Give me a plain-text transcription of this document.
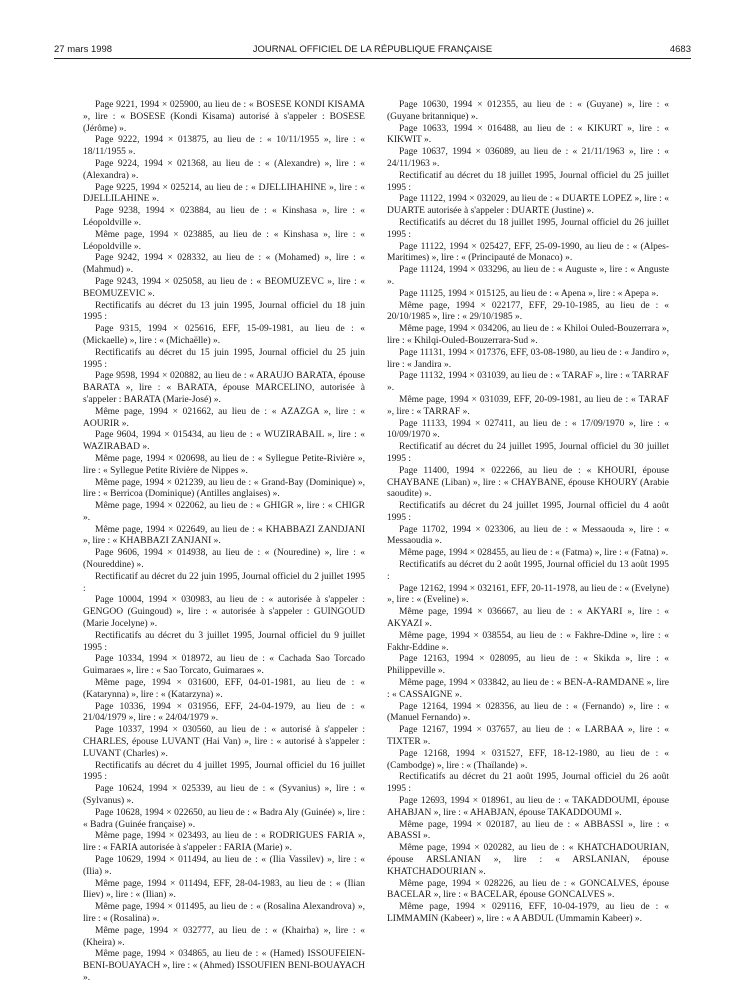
27 mars 1998	JOURNAL OFFICIEL DE LA RÉPUBLIQUE FRANÇAISE	4683

Page 9221, 1994 × 025900, au lieu de : « BOSESE KONDI KISAMA », lire : « BOSESE (Kondi Kisama) autorisé à s'appeler : BOSESE (Jérôme) ».

Page 9222, 1994 × 013875, au lieu de : « 10/11/1955 », lire : « 18/11/1955 ».

Page 9224, 1994 × 021368, au lieu de : « (Alexandre) », lire : « (Alexandra) ».

Page 9225, 1994 × 025214, au lieu de : « DJELLIHAHINE », lire : « DJELLILAHINE ».

Page 9238, 1994 × 023884, au lieu de : « Kinshasa », lire : « Léopoldville ».

Même page, 1994 × 023885, au lieu de : « Kinshasa », lire : « Léopoldville ».

Page 9242, 1994 × 028332, au lieu de : « (Mohamed) », lire : « (Mahmud) ».

Page 9243, 1994 × 025058, au lieu de : « BEOMUZEVC », lire : « BEOMUZEVIC ».

Rectificatifs au décret du 13 juin 1995, Journal officiel du 18 juin 1995 :

Page 9315, 1994 × 025616, EFF, 15-09-1981, au lieu de : « (Mickaelle) », lire : « (Michaëlle) ».

Rectificatifs au décret du 15 juin 1995, Journal officiel du 25 juin 1995 :

Page 9598, 1994 × 020882, au lieu de : « ARAUJO BARATA, épouse BARATA », lire : « BARATA, épouse MARCELINO, autorisée à s'appeler : BARATA (Marie-José) ».

Même page, 1994 × 021662, au lieu de : « AZAZGA », lire : « AOURIR ».

Page 9604, 1994 × 015434, au lieu de : « WUZIRABAIL », lire : « WAZIRABAD ».

Même page, 1994 × 020698, au lieu de : « Syllegue Petite-Rivière », lire : « Syllegue Petite Rivière de Nippes ».

Même page, 1994 × 021239, au lieu de : « Grand-Bay (Dominique) », lire : « Berricoa (Dominique) (Antilles anglaises) ».

Même page, 1994 × 022062, au lieu de : « GHIGR », lire : « CHIGR ».

Même page, 1994 × 022649, au lieu de : « KHABBAZI ZANDJANI », lire : « KHABBAZI ZANJANI ».

Page 9606, 1994 × 014938, au lieu de : « (Nouredine) », lire : « (Noureddine) ».

Rectificatif au décret du 22 juin 1995, Journal officiel du 2 juillet 1995 :

Page 10004, 1994 × 030983, au lieu de : « autorisée à s'appeler : GENGOO (Guingoud) », lire : « autorisée à s'appeler : GUINGOUD (Marie Jocelyne) ».

Rectificatifs au décret du 3 juillet 1995, Journal officiel du 9 juillet 1995 :

Page 10334, 1994 × 018972, au lieu de : « Cachada Sao Torcado Guimaraes », lire : « Sao Torcato, Guimaraes ».

Même page, 1994 × 031600, EFF, 04-01-1981, au lieu de : « (Katarynna) », lire : « (Katarzyna) ».

Page 10336, 1994 × 031956, EFF, 24-04-1979, au lieu de : « 21/04/1979 », lire : « 24/04/1979 ».

Page 10337, 1994 × 030560, au lieu de : « autorisé à s'appeler : CHARLES, épouse LUVANT (Hai Van) », lire : « autorisé à s'appeler : LUVANT (Charles) ».

Rectificatifs au décret du 4 juillet 1995, Journal officiel du 16 juillet 1995 :

Page 10624, 1994 × 025339, au lieu de : « (Syvanius) », lire : « (Sylvanus) ».

Page 10628, 1994 × 022650, au lieu de : « Badra Aly (Guinée) », lire : « Badra (Guinée française) ».

Même page, 1994 × 023493, au lieu de : « RODRIGUES FARIA », lire : « FARIA autorisée à s'appeler : FARIA (Marie) ».

Page 10629, 1994 × 011494, au lieu de : « (Ilia Vassilev) », lire : « (Ilia) ».

Même page, 1994 × 011494, EFF, 28-04-1983, au lieu de : « (Ilian Iliev) », lire : « (Ilian) ».

Même page, 1994 × 011495, au lieu de : « (Rosalina Alexandrova) », lire : « (Rosalina) ».

Même page, 1994 × 032777, au lieu de : « (Khairha) », lire : « (Kheira) ».

Même page, 1994 × 034865, au lieu de : « (Hamed) ISSOUFEIEN-BENI-BOUAYACH », lire : « (Ahmed) ISSOUFIEN BENI-BOUAYACH ».

Page 10630, 1994 × 012355, au lieu de : « (Guyane) », lire : « (Guyane britannique) ».

Page 10633, 1994 × 016488, au lieu de : « KIKURT », lire : « KIKWIT ».

Page 10637, 1994 × 036089, au lieu de : « 21/11/1963 », lire : « 24/11/1963 ».

Rectificatif au décret du 18 juillet 1995, Journal officiel du 25 juillet 1995 :

Page 11122, 1994 × 032029, au lieu de : « DUARTE LOPEZ », lire : « DUARTE autorisée à s'appeler : DUARTE (Justine) ».

Rectificatifs au décret du 18 juillet 1995, Journal officiel du 26 juillet 1995 :

Page 11122, 1994 × 025427, EFF, 25-09-1990, au lieu de : « (Alpes-Maritimes) », lire : « (Principauté de Monaco) ».

Page 11124, 1994 × 033296, au lieu de : « Auguste », lire : « Anguste ».

Page 11125, 1994 × 015125, au lieu de : « Apena », lire : « Apepa ».

Même page, 1994 × 022177, EFF, 29-10-1985, au lieu de : « 20/10/1985 », lire : « 29/10/1985 ».

Même page, 1994 × 034206, au lieu de : « Khiloi Ouled-Bouzerrara », lire : « Khilqi-Ouled-Bouzerrara-Sud ».

Page 11131, 1994 × 017376, EFF, 03-08-1980, au lieu de : « Jandiro », lire : « Jandira ».

Page 11132, 1994 × 031039, au lieu de : « TARAF », lire : « TARRAF ».

Même page, 1994 × 031039, EFF, 20-09-1981, au lieu de : « TARAF », lire : « TARRAF ».

Page 11133, 1994 × 027411, au lieu de : « 17/09/1970 », lire : « 10/09/1970 ».

Rectificatif au décret du 24 juillet 1995, Journal officiel du 30 juillet 1995 :

Page 11400, 1994 × 022266, au lieu de : « KHOURI, épouse CHAYBANE (Liban) », lire : « CHAYBANE, épouse KHOURY (Arabie saoudite) ».

Rectificatifs au décret du 24 juillet 1995, Journal officiel du 4 août 1995 :

Page 11702, 1994 × 023306, au lieu de : « Messaouda », lire : « Messaoudia ».

Même page, 1994 × 028455, au lieu de : « (Fatma) », lire : « (Fatna) ».

Rectificatifs au décret du 2 août 1995, Journal officiel du 13 août 1995 :

Page 12162, 1994 × 032161, EFF, 20-11-1978, au lieu de : « (Evelyne) », lire : « (Eveline) ».

Même page, 1994 × 036667, au lieu de : « AKYARI », lire : « AKYAZI ».

Même page, 1994 × 038554, au lieu de : « Fakhre-Ddine », lire : « Fakhr-Eddine ».

Page 12163, 1994 × 028095, au lieu de : « Skikda », lire : « Philippeville ».

Même page, 1994 × 033842, au lieu de : « BEN-A-RAMDANE », lire : « CASSAIGNE ».

Page 12164, 1994 × 028356, au lieu de : « (Fernando) », lire : « (Manuel Fernando) ».

Page 12167, 1994 × 037657, au lieu de : « LARBAA », lire : « TIXTER ».

Page 12168, 1994 × 031527, EFF, 18-12-1980, au lieu de : « (Cambodge) », lire : « (Thaïlande) ».

Rectificatifs au décret du 21 août 1995, Journal officiel du 26 août 1995 :

Page 12693, 1994 × 018961, au lieu de : « TAKADDOUMI, épouse AHABJAN », lire : « AHABJAN, épouse TAKADDOUMI ».

Même page, 1994 × 020187, au lieu de : « ABBASSI », lire : « ABASSI ».

Même page, 1994 × 020282, au lieu de : « KHATCHADOURIAN, épouse ARSLANIAN », lire : « ARSLANIAN, épouse KHATCHADOURIAN ».

Même page, 1994 × 028226, au lieu de : « GONCALVES, épouse BACELAR », lire : « BACELAR, épouse GONCALVES ».

Même page, 1994 × 029116, EFF, 10-04-1979, au lieu de : « LIMMAMIN (Kabeer) », lire : « A ABDUL (Ummamin Kabeer) ».
